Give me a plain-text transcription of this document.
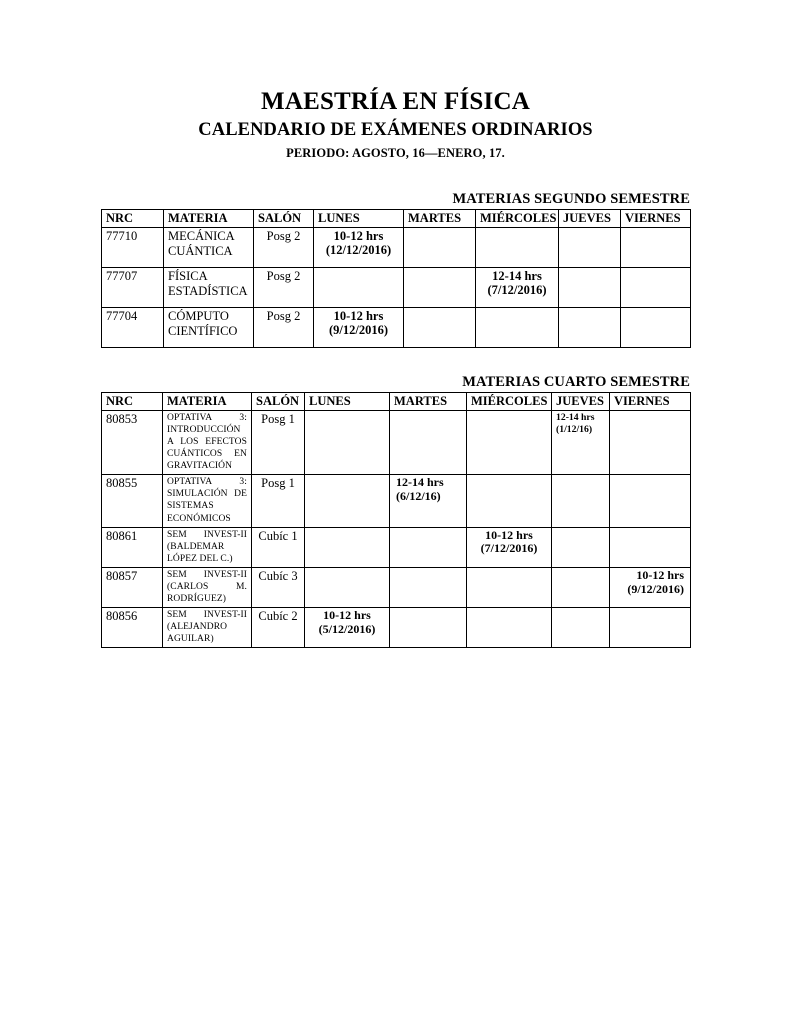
MAESTRÍA EN FÍSICA
CALENDARIO DE EXÁMENES ORDINARIOS
PERIODO: AGOSTO, 16—ENERO, 17.
MATERIAS SEGUNDO SEMESTRE
NRC	MATERIA	SALÓN	LUNES	MARTES	MIÉRCOLES	JUEVES	VIERNES
77710	MECÁNICA CUÁNTICA	Posg 2	10-12 hrs
(12/12/2016)				

77707	FÍSICA ESTADÍSTICA	Posg 2			12-14 hrs
(7/12/2016)		

77704	CÓMPUTO CIENTÍFICO	Posg 2	10-12 hrs
(9/12/2016)				

MATERIAS CUARTO SEMESTRE
NRC	MATERIA	SALÓN	LUNES	MARTES	MIÉRCOLES	JUEVES	VIERNES
80853	OPTATIVA 3: INTRODUCCIÓN A LOS EFECTOS CUÁNTICOS EN GRAVITACIÓN	Posg 1				12-14 hrs
(1/12/16)	

80855	OPTATIVA 3: SIMULACIÓN DE SISTEMAS ECONÓMICOS	Posg 1		12-14 hrs
(6/12/16)			

80861	SEM INVEST-II (BALDEMAR LÓPEZ DEL C.)	Cubíc 1			10-12 hrs
(7/12/2016)		

80857	SEM INVEST-II (CARLOS M. RODRÍGUEZ)	Cubíc 3					10-12 hrs
(9/12/2016)

80856	SEM INVEST-II (ALEJANDRO AGUILAR)	Cubíc 2	10-12 hrs
(5/12/2016)				
